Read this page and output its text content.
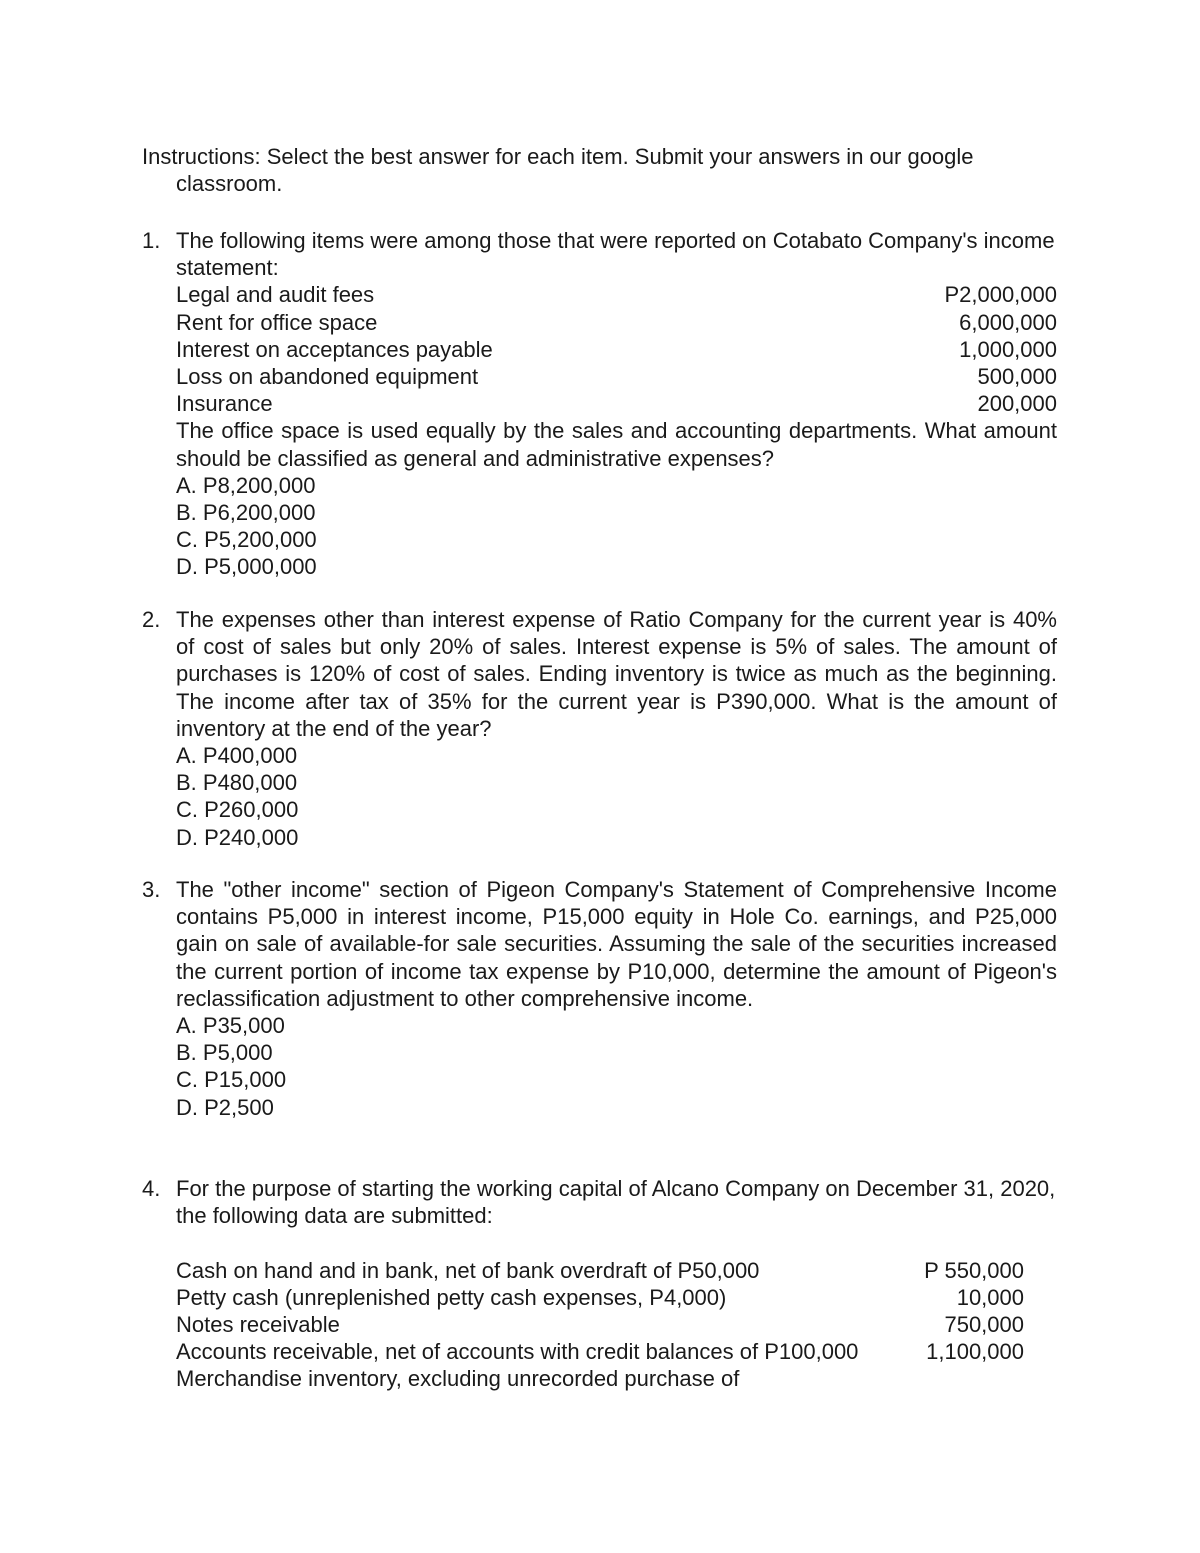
Instructions: Select the best answer for each item. Submit your answers in our google
classroom.
1. The following items were among those that were reported on Cotabato Company's income statement:
Legal and audit fees	P2,000,000
Rent for office space	6,000,000
Interest on acceptances payable	1,000,000
Loss on abandoned equipment	500,000
Insurance	200,000
The office space is used equally by the sales and accounting departments. What amount should be classified as general and administrative expenses?
A. P8,200,000
B. P6,200,000
C. P5,200,000
D. P5,000,000
2. The expenses other than interest expense of Ratio Company for the current year is 40% of cost of sales but only 20% of sales. Interest expense is 5% of sales. The amount of purchases is 120% of cost of sales. Ending inventory is twice as much as the beginning. The income after tax of 35% for the current year is P390,000. What is the amount of inventory at the end of the year?
A. P400,000
B. P480,000
C. P260,000
D. P240,000
3. The "other income" section of Pigeon Company's Statement of Comprehensive Income contains P5,000 in interest income, P15,000 equity in Hole Co. earnings, and P25,000 gain on sale of available-for sale securities. Assuming the sale of the securities increased the current portion of income tax expense by P10,000, determine the amount of Pigeon's reclassification adjustment to other comprehensive income.
A. P35,000
B. P5,000
C. P15,000
D. P2,500
4. For the purpose of starting the working capital of Alcano Company on December 31, 2020, the following data are submitted:
Cash on hand and in bank, net of bank overdraft of P50,000	P 550,000
Petty cash (unreplenished petty cash expenses, P4,000)	10,000
Notes receivable	750,000
Accounts receivable, net of accounts with credit balances of P100,000	1,100,000
Merchandise inventory, excluding unrecorded purchase of
